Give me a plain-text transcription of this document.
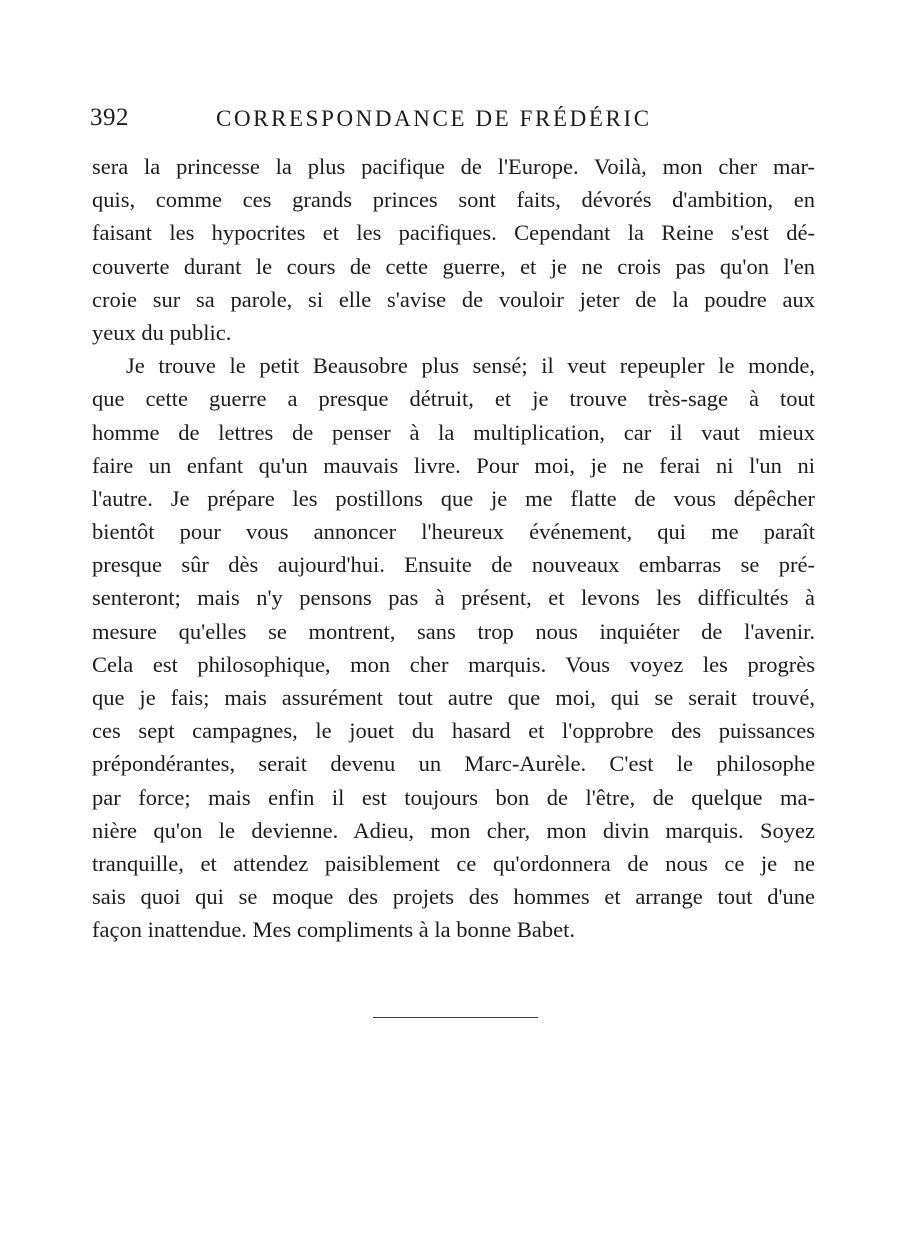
392	CORRESPONDANCE DE FRÉDÉRIC
sera la princesse la plus pacifique de l'Europe. Voilà, mon cher mar-
quis, comme ces grands princes sont faits, dévorés d'ambition, en
faisant les hypocrites et les pacifiques. Cependant la Reine s'est dé-
couverte durant le cours de cette guerre, et je ne crois pas qu'on l'en
croie sur sa parole, si elle s'avise de vouloir jeter de la poudre aux
yeux du public.
Je trouve le petit Beausobre plus sensé; il veut repeupler le monde,
que cette guerre a presque détruit, et je trouve très-sage à tout
homme de lettres de penser à la multiplication, car il vaut mieux
faire un enfant qu'un mauvais livre. Pour moi, je ne ferai ni l'un ni
l'autre. Je prépare les postillons que je me flatte de vous dépêcher
bientôt pour vous annoncer l'heureux événement, qui me paraît
presque sûr dès aujourd'hui. Ensuite de nouveaux embarras se pré-
senteront; mais n'y pensons pas à présent, et levons les difficultés à
mesure qu'elles se montrent, sans trop nous inquiéter de l'avenir.
Cela est philosophique, mon cher marquis. Vous voyez les progrès
que je fais; mais assurément tout autre que moi, qui se serait trouvé,
ces sept campagnes, le jouet du hasard et l'opprobre des puissances
prépondérantes, serait devenu un Marc-Aurèle. C'est le philosophe
par force; mais enfin il est toujours bon de l'être, de quelque ma-
nière qu'on le devienne. Adieu, mon cher, mon divin marquis. Soyez
tranquille, et attendez paisiblement ce qu'ordonnera de nous ce je ne
sais quoi qui se moque des projets des hommes et arrange tout d'une
façon inattendue. Mes compliments à la bonne Babet.
